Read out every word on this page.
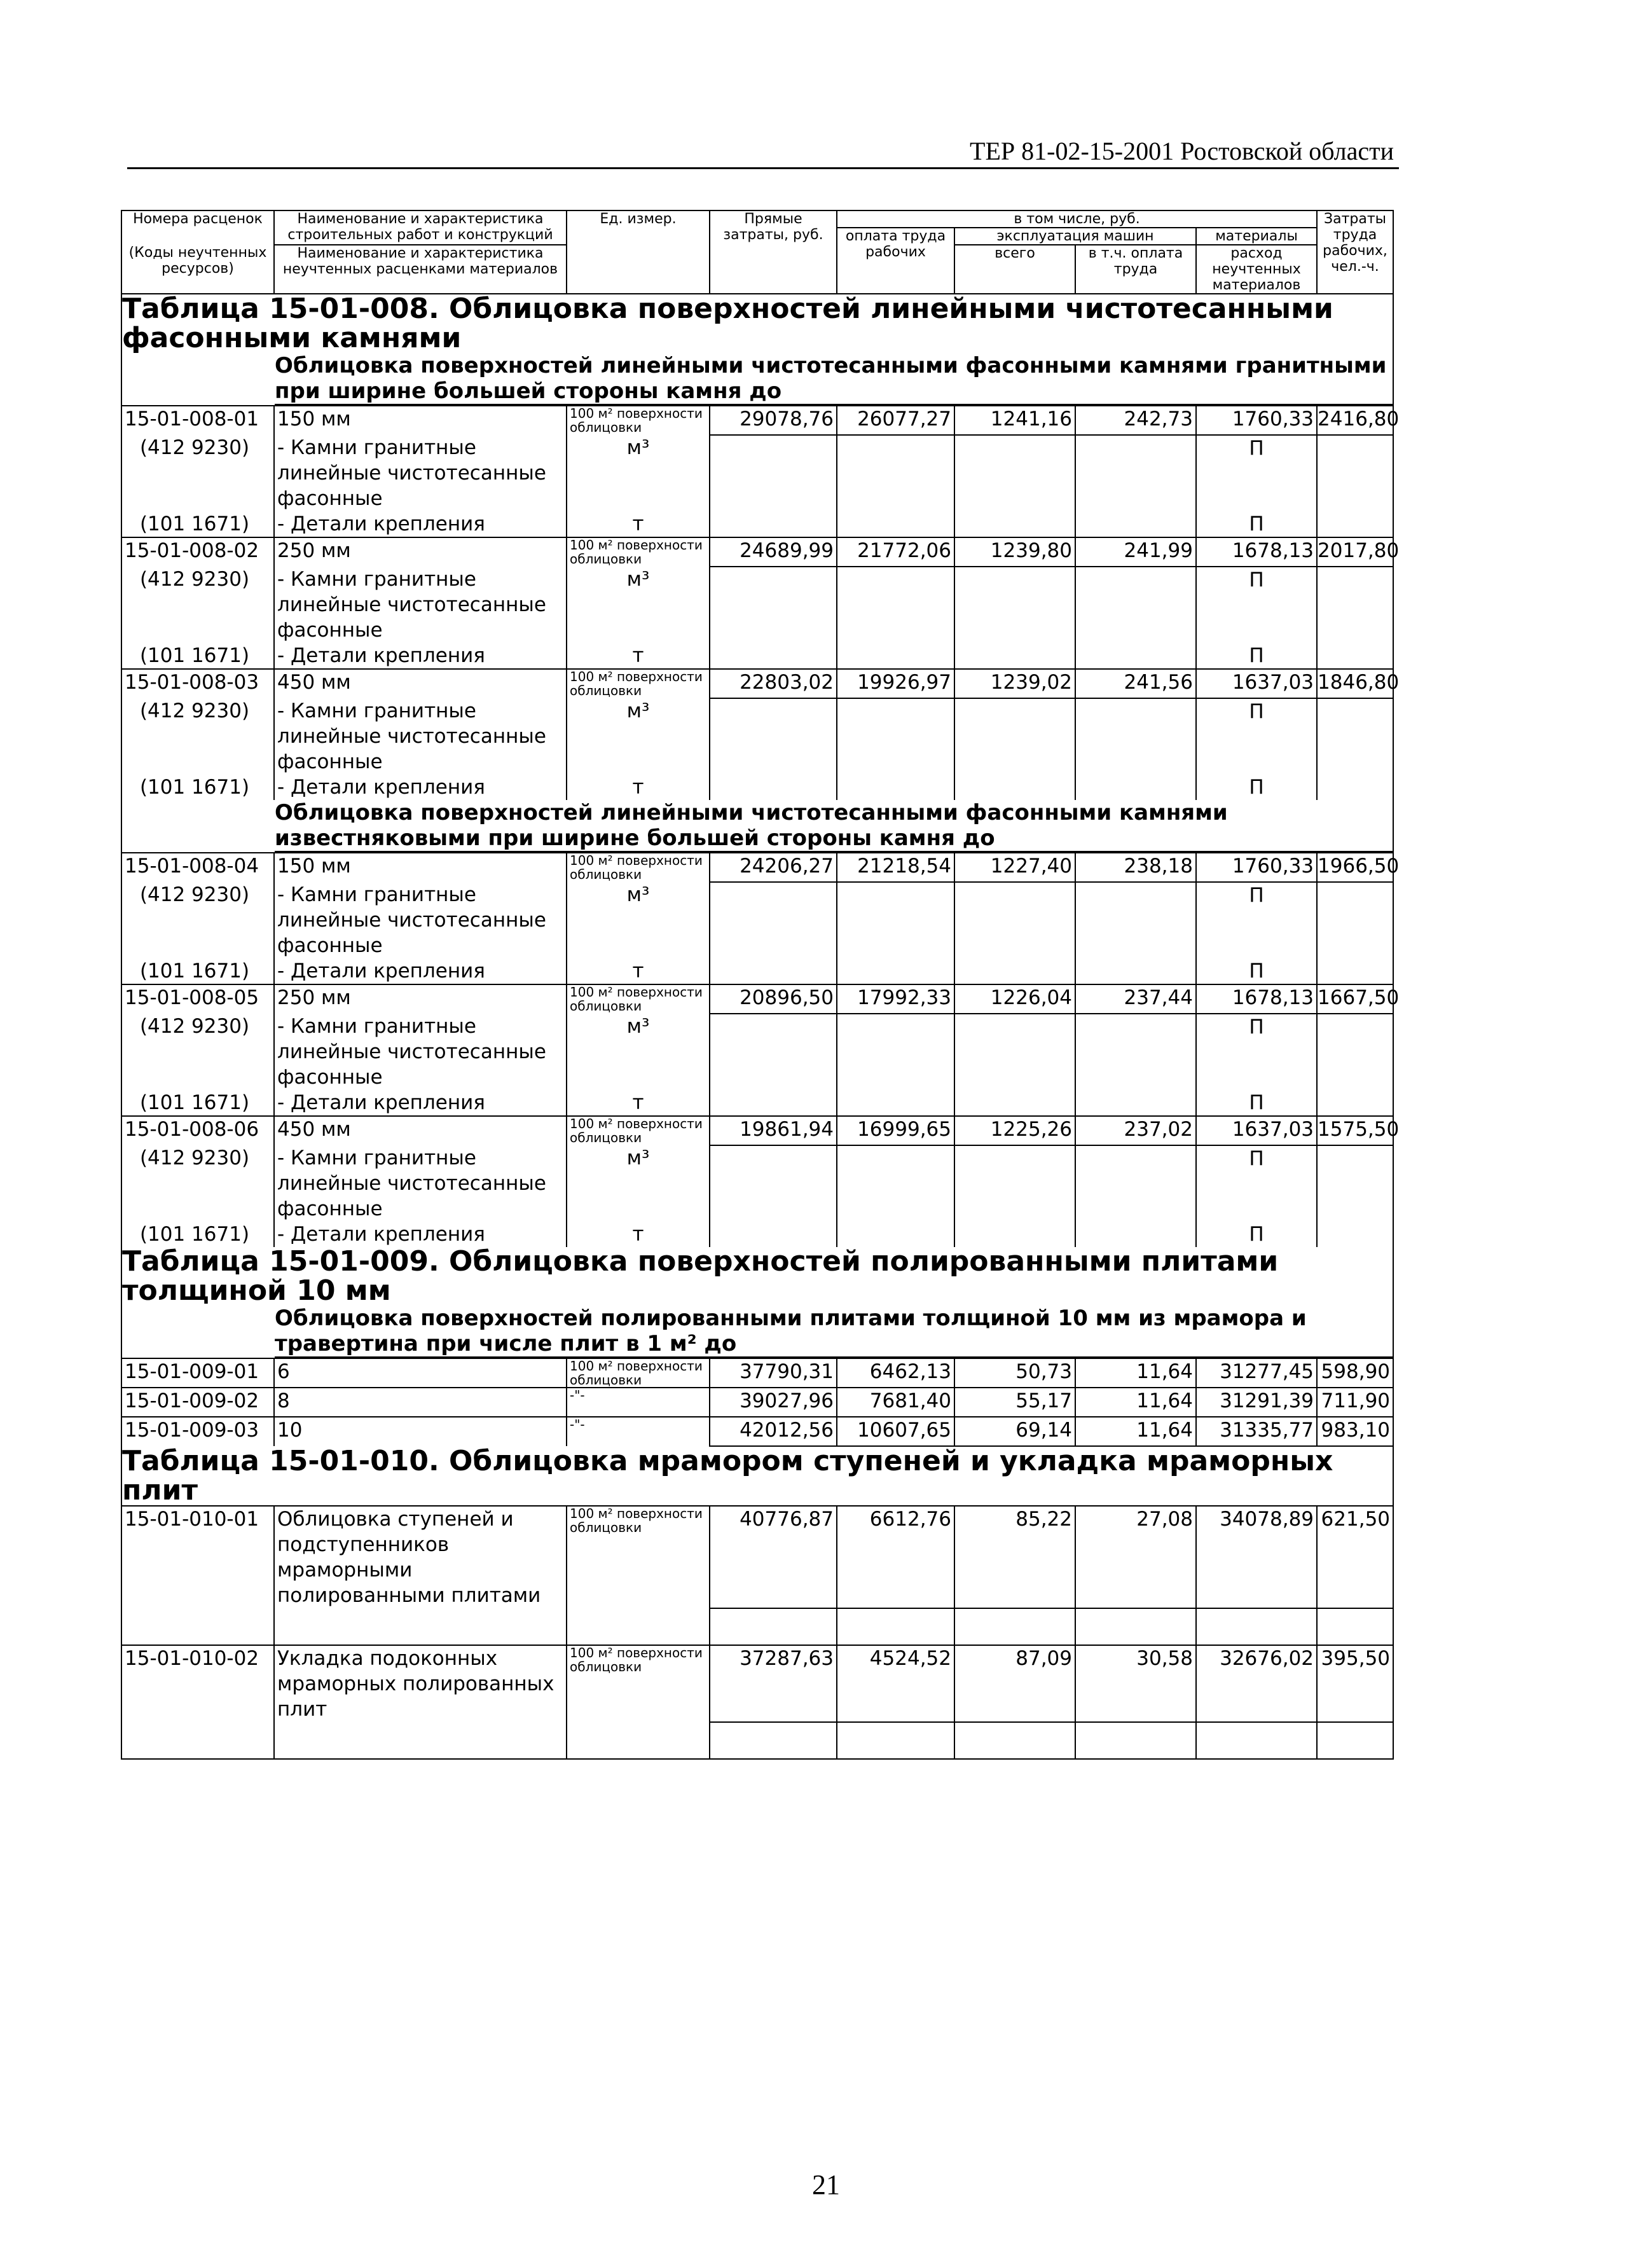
ТЕР 81-02-15-2001 Ростовской области
Номера расценок	Наименование и характеристика строительных работ и конструкций	Ед. измер.	Прямые затраты, руб.	в том числе, руб.				Затраты труда рабочих, чел.-ч.
				оплата труда рабочих	эксплуатация машин		материалы	
(Коды неучтенных ресурсов)	Наименование и характеристика неучтенных расценками материалов				всего	в т.ч. оплата труда	расход неучтенных материалов	

Таблица 15-01-008. Облицовка поверхностей линейными чистотесанными фасонными камнями								

Облицовка поверхностей линейными чистотесанными фасонными камнями гранитными при ширине большей стороны камня до								

15-01-008-01	150 мм	100 м² поверхности облицовки	29078,76	26077,27	1241,16	242,73	1760,33	2416,80
(412 9230)	- Камни гранитные линейные чистотесанные фасонные	м³					П	
(101 1671)	- Детали крепления	т					П	
15-01-008-02	250 мм	100 м² поверхности облицовки	24689,99	21772,06	1239,80	241,99	1678,13	2017,80
(412 9230)	- Камни гранитные линейные чистотесанные фасонные	м³					П	
(101 1671)	- Детали крепления	т					П	
15-01-008-03	450 мм	100 м² поверхности облицовки	22803,02	19926,97	1239,02	241,56	1637,03	1846,80
(412 9230)	- Камни гранитные линейные чистотесанные фасонные	м³					П	
(101 1671)	- Детали крепления	т					П	

Облицовка поверхностей линейными чистотесанными фасонными камнями известняковыми при ширине большей стороны камня до								

15-01-008-04	150 мм	100 м² поверхности облицовки	24206,27	21218,54	1227,40	238,18	1760,33	1966,50
(412 9230)	- Камни гранитные линейные чистотесанные фасонные	м³					П	
(101 1671)	- Детали крепления	т					П	
15-01-008-05	250 мм	100 м² поверхности облицовки	20896,50	17992,33	1226,04	237,44	1678,13	1667,50
(412 9230)	- Камни гранитные линейные чистотесанные фасонные	м³					П	
(101 1671)	- Детали крепления	т					П	
15-01-008-06	450 мм	100 м² поверхности облицовки	19861,94	16999,65	1225,26	237,02	1637,03	1575,50
(412 9230)	- Камни гранитные линейные чистотесанные фасонные	м³					П	
(101 1671)	- Детали крепления	т					П	
Таблица 15-01-009. Облицовка поверхностей полированными плитами толщиной 10 мм								

Облицовка поверхностей полированными плитами толщиной 10 мм из мрамора и травертина при числе плит в 1 м² до								

15-01-009-01	6	100 м² поверхности облицовки	37790,31	6462,13	50,73	11,64	31277,45	598,90
15-01-009-02	8	-"-	39027,96	7681,40	55,17	11,64	31291,39	711,90
15-01-009-03	10	-"-	42012,56	10607,65	69,14	11,64	31335,77	983,10
Таблица 15-01-010. Облицовка мрамором ступеней и укладка мраморных плит								
15-01-010-01	Облицовка ступеней и подступенников мраморными полированными плитами	100 м² поверхности облицовки	40776,87	6612,76	85,22	27,08	34078,89	621,50

15-01-010-02	Укладка подоконных мраморных полированных плит	100 м² поверхности облицовки	37287,63	4524,52	87,09	30,58	32676,02	395,50

21
